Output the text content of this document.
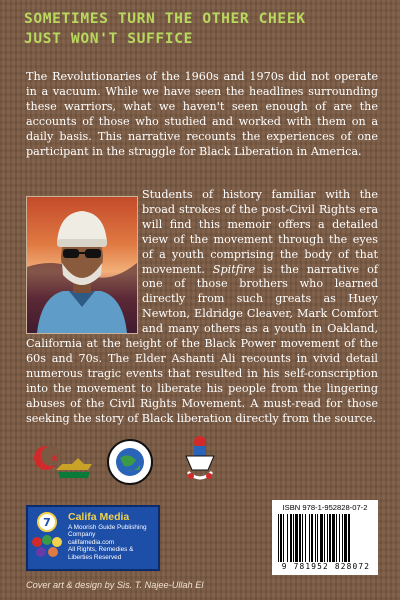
SOMETIMES TURN THE OTHER CHEEK
JUST WON'T SUFFICE
The Revolutionaries of the 1960s and 1970s did not operate in a vacuum. While we have seen the headlines surrounding these warriors, what we haven't seen enough of are the accounts of those who studied and worked with them on a daily basis. This narrative recounts the experiences of one participant in the struggle for Black Liberation in America.
Students of history familiar with the broad strokes of the post-Civil Rights era will find this memoir offers a detailed view of the movement through the eyes of a youth comprising the body of that movement. Spitfire is the narrative of one of those brothers who learned directly from such greats as Huey Newton, Eldridge Cleaver, Mark Comfort and many others as a youth in Oakland, California at the height of the Black Power movement of the 60s and 70s. The Elder Ashanti Ali recounts in vivid detail numerous tragic events that resulted in his self-conscription into the movement to liberate his people from the lingering abuses of the Civil Rights Movement. A must-read for those seeking the story of Black liberation directly from the source.
7 Califa Media
A Moorish Guide Publishing Company
califamedia.com
All Rights, Remedies & Liberties Reserved
ISBN 978-1-952828-07-2
9 781952 828072
Cover art & design by Sis. T. Najee-Ullah El
